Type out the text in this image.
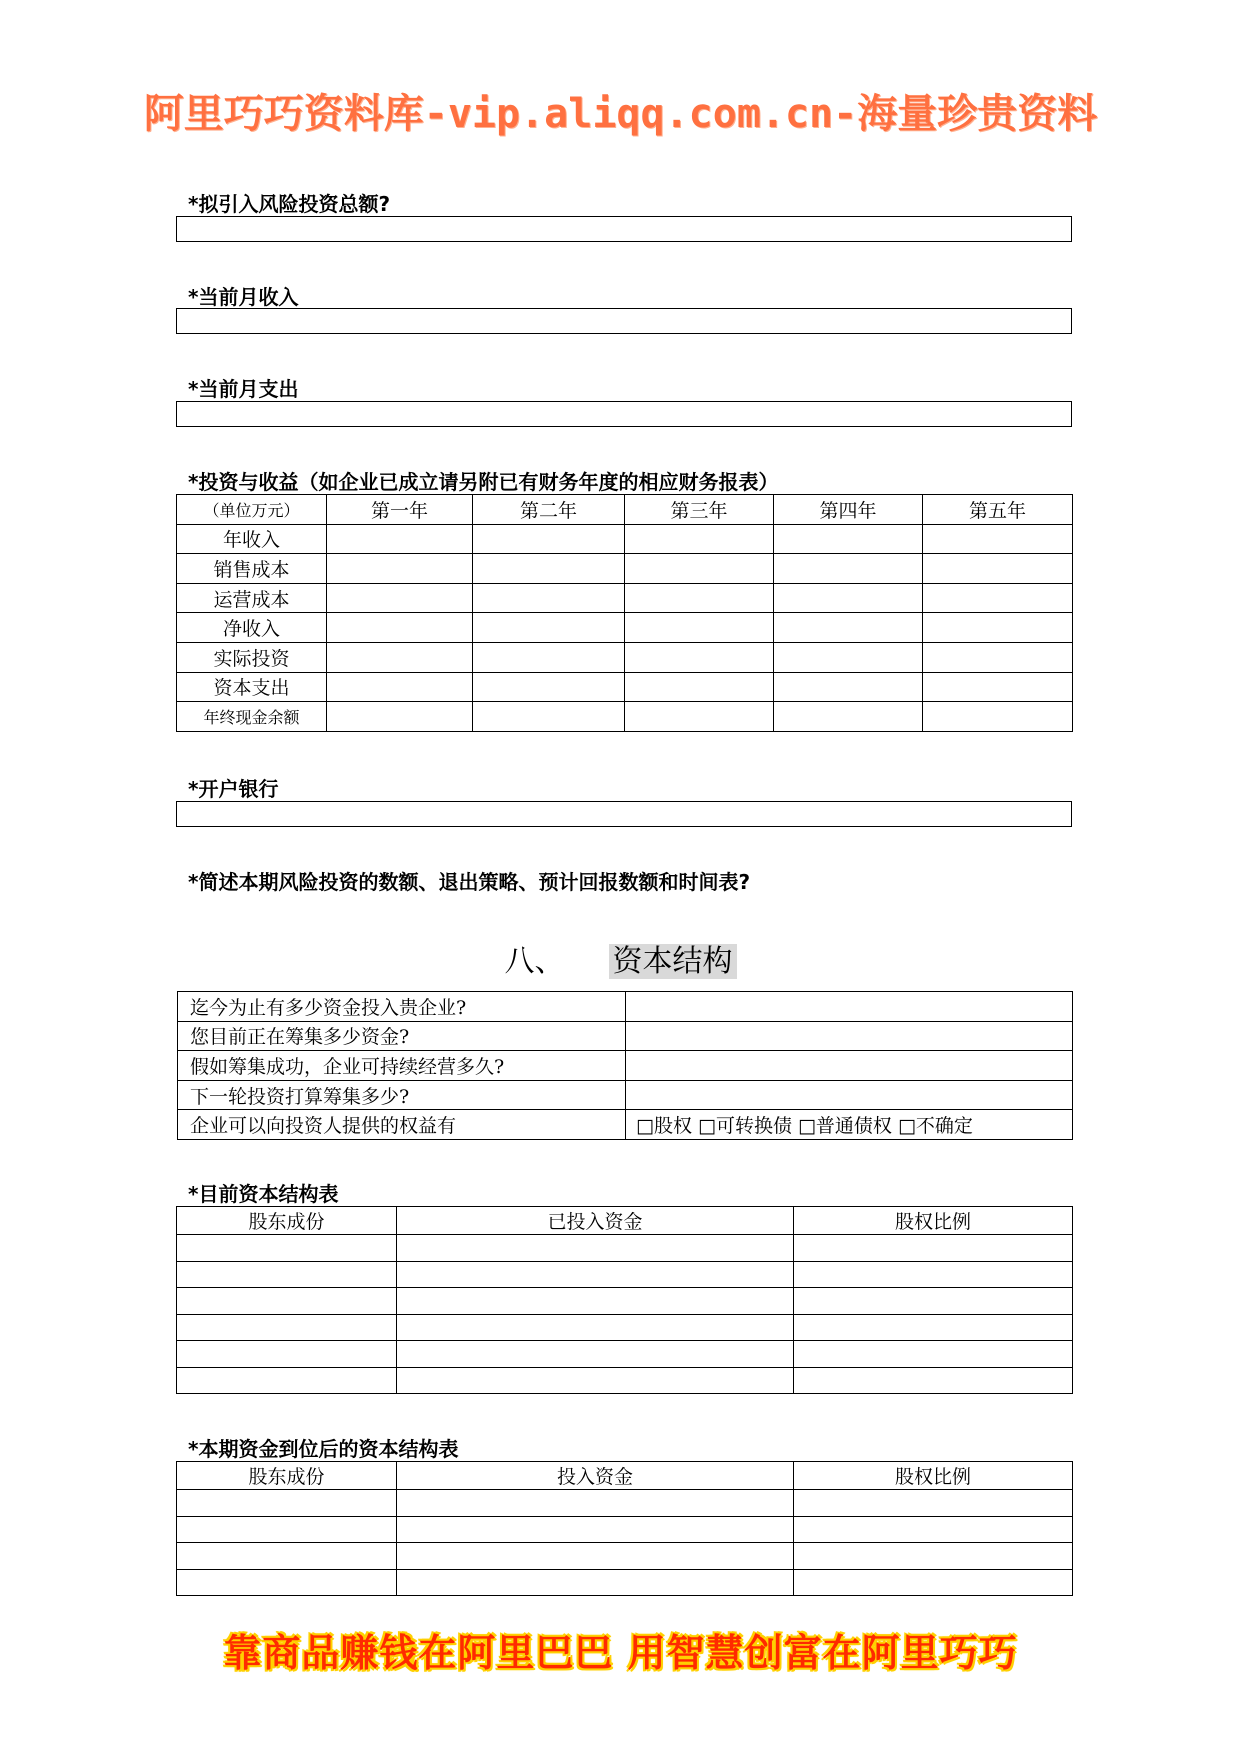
阿里巧巧资料库-vip.aliqq.com.cn-海量珍贵资料
*拟引入风险投资总额?
*当前月收入
*当前月支出
*投资与收益（如企业已成立请另附已有财务年度的相应财务报表）
（单位万元）	第一年	第二年	第三年	第四年	第五年
年收入					
销售成本					
运营成本					
净收入					
实际投资					
资本支出					
年终现金余额					
*开户银行
*简述本期风险投资的数额、退出策略、预计回报数额和时间表?
八、 资本结构
迄今为止有多少资金投入贵企业?	
您目前正在筹集多少资金?	
假如筹集成功，企业可持续经营多久?	
下一轮投资打算筹集多少?	
企业可以向投资人提供的权益有	□股权 □可转换债 □普通债权 □不确定
*目前资本结构表
股东成份	已投入资金	股权比例

*本期资金到位后的资本结构表
股东成份	投入资金	股权比例

靠商品赚钱在阿里巴巴 用智慧创富在阿里巧巧
